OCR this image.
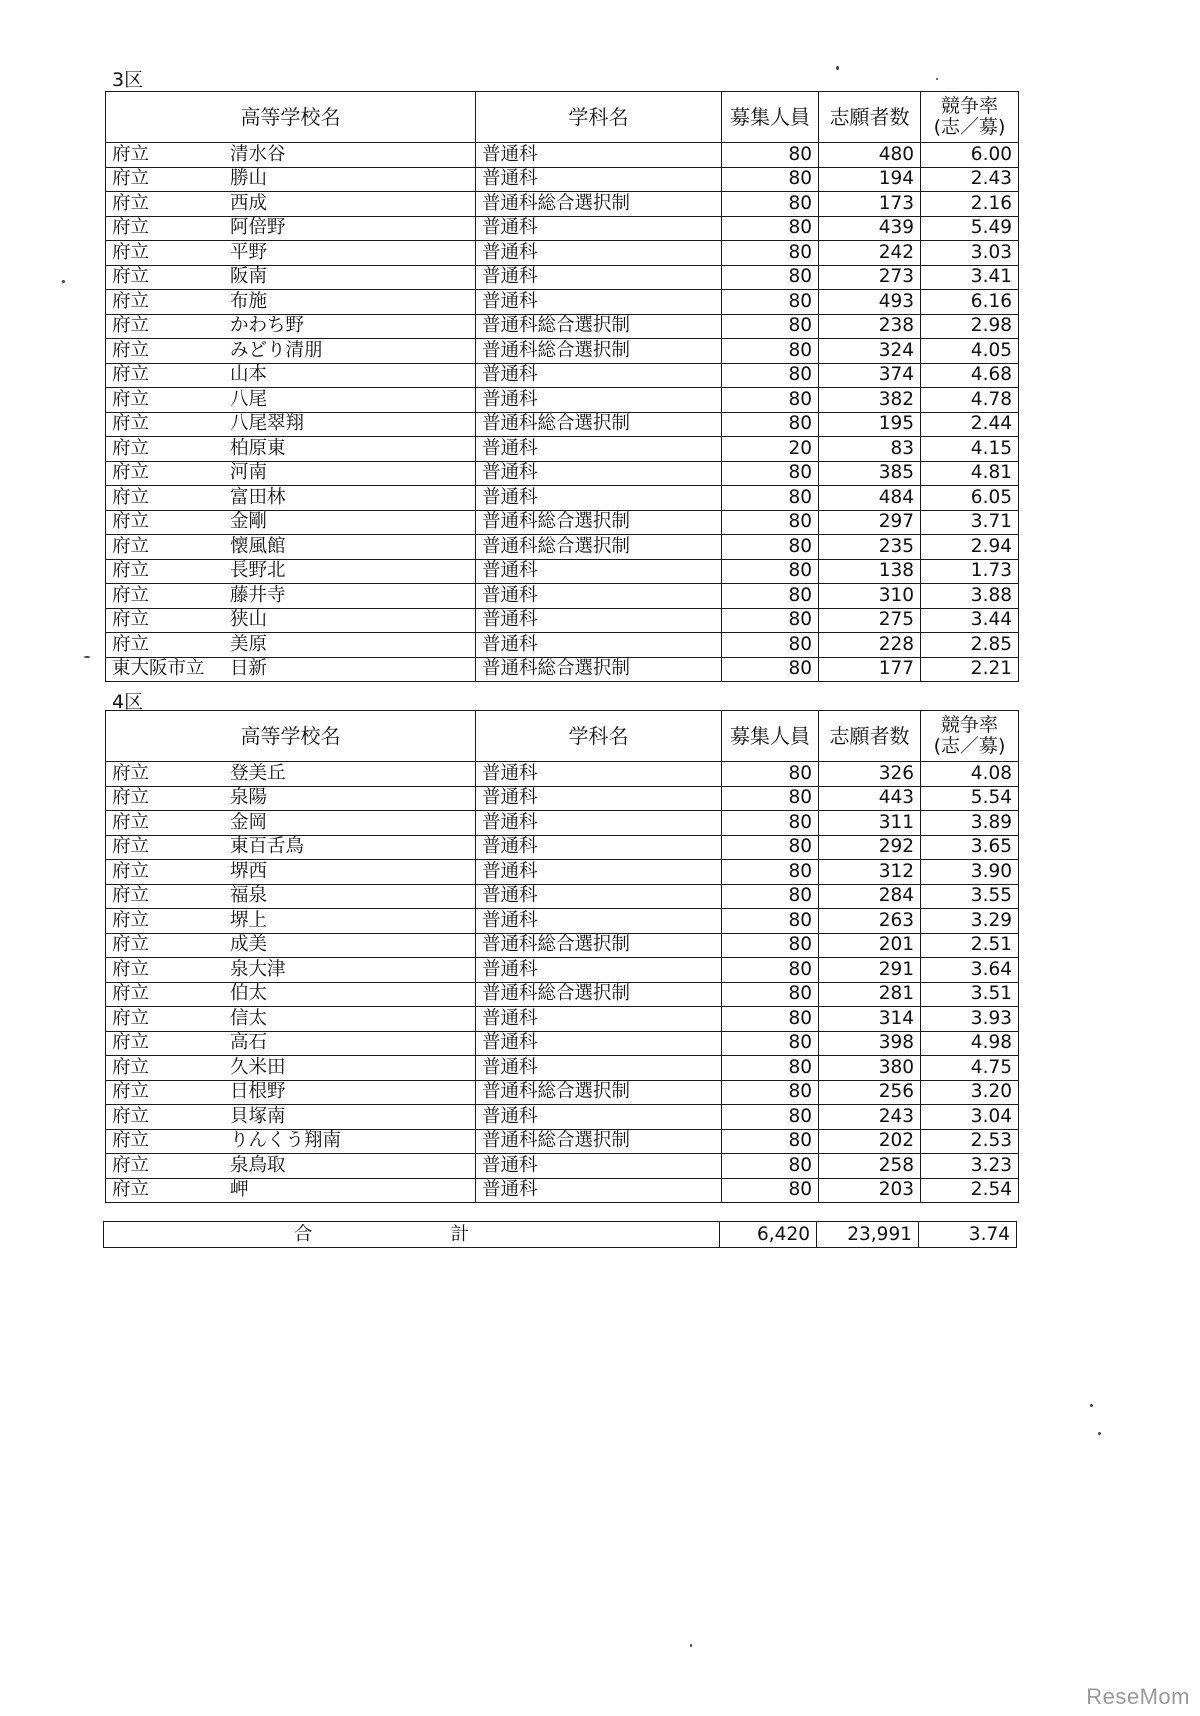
3区
高等学校名	学科名	募集人員	志願者数	競争率
(志／募)
府立 清水谷	普通科	80	480	6.00
府立 勝山	普通科	80	194	2.43
府立 西成	普通科総合選択制	80	173	2.16
府立 阿倍野	普通科	80	439	5.49
府立 平野	普通科	80	242	3.03
府立 阪南	普通科	80	273	3.41
府立 布施	普通科	80	493	6.16
府立 かわち野	普通科総合選択制	80	238	2.98
府立 みどり清朋	普通科総合選択制	80	324	4.05
府立 山本	普通科	80	374	4.68
府立 八尾	普通科	80	382	4.78
府立 八尾翠翔	普通科総合選択制	80	195	2.44
府立 柏原東	普通科	20	83	4.15
府立 河南	普通科	80	385	4.81
府立 富田林	普通科	80	484	6.05
府立 金剛	普通科総合選択制	80	297	3.71
府立 懐風館	普通科総合選択制	80	235	2.94
府立 長野北	普通科	80	138	1.73
府立 藤井寺	普通科	80	310	3.88
府立 狭山	普通科	80	275	3.44
府立 美原	普通科	80	228	2.85
東大阪市立 日新	普通科総合選択制	80	177	2.21
4区
高等学校名	学科名	募集人員	志願者数	競争率
(志／募)
府立 登美丘	普通科	80	326	4.08
府立 泉陽	普通科	80	443	5.54
府立 金岡	普通科	80	311	3.89
府立 東百舌鳥	普通科	80	292	3.65
府立 堺西	普通科	80	312	3.90
府立 福泉	普通科	80	284	3.55
府立 堺上	普通科	80	263	3.29
府立 成美	普通科総合選択制	80	201	2.51
府立 泉大津	普通科	80	291	3.64
府立 伯太	普通科総合選択制	80	281	3.51
府立 信太	普通科	80	314	3.93
府立 高石	普通科	80	398	4.98
府立 久米田	普通科	80	380	4.75
府立 日根野	普通科総合選択制	80	256	3.20
府立 貝塚南	普通科	80	243	3.04
府立 りんくう翔南	普通科総合選択制	80	202	2.53
府立 泉鳥取	普通科	80	258	3.23
府立 岬	普通科	80	203	2.54
合　計	6,420	23,991	3.74
ReseMom
